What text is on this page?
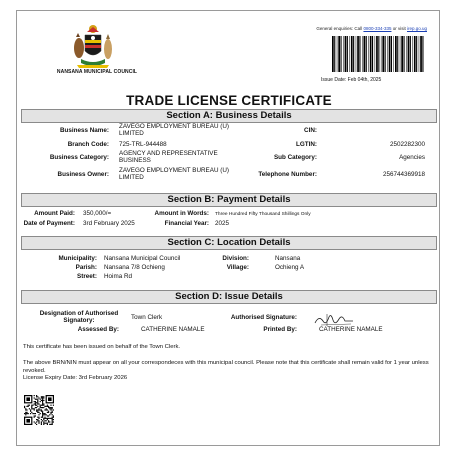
NANSANA MUNICIPAL COUNCIL
General enquiries: Call 0800-334-335 or visit irep.go.ug
Issue Date: Feb 04th, 2025
TRADE LICENSE CERTIFICATE
Section A: Business Details
Business Name:
ZAVEGO EMPLOYMENT BUREAU (U) LIMITED	CIN:
Branch Code: 725-TRL-944488	LGTIN:	2502282300
Business Category:
AGENCY AND REPRESENTATIVE BUSINESS	Sub Category:	Agencies
Business Owner:
ZAVEGO EMPLOYMENT BUREAU (U) LIMITED	Telephone Number:	256744369918
Section B: Payment Details
Amount Paid: 350,000/=	Amount in Words: Three Hundred Fifty Thousand Shillings Only
Date of Payment: 3rd February 2025	Financial Year: 2025
Section C: Location Details
Municipality: Nansana Municipal Council	Division:	Nansana
Parish: Nansana 7/8 Ochieng	Village:	Ochieng A
Street: Hoima Rd
Section D: Issue Details
Designation of Authorised Signatory:	Town Clerk	Authorised Signature:
Assessed By:	CATHERINE NAMALE	Printed By:	CATHERINE NAMALE
This certificate has been issued on behalf of the Town Clerk.
The above BRN/NIN must appear on all your correspondeces with this municipal council. Please note that this certificate shall remain valid for 1 year unless revoked.
License Expiry Date: 3rd February 2026
